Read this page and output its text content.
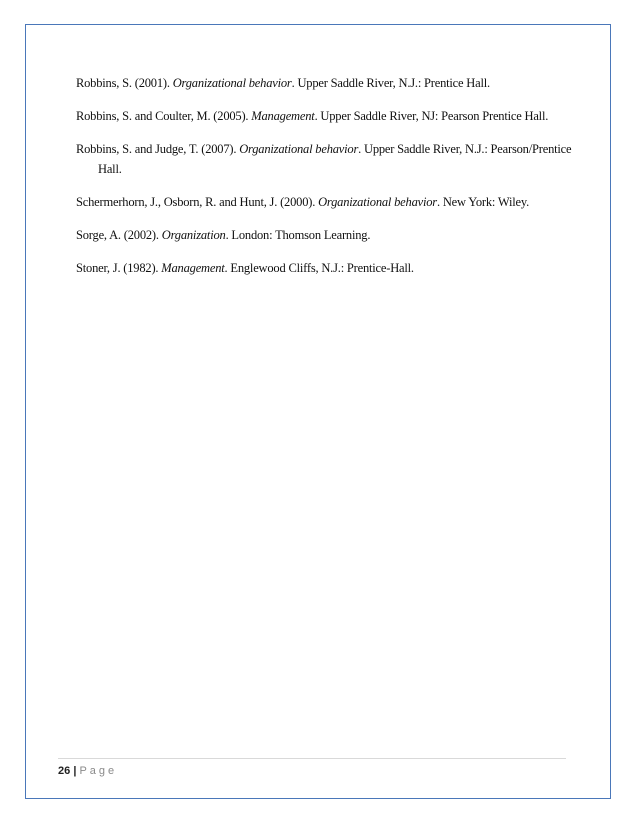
Robbins, S. (2001). Organizational behavior. Upper Saddle River, N.J.: Prentice Hall.

Robbins, S. and Coulter, M. (2005). Management. Upper Saddle River, NJ: Pearson Prentice Hall.

Robbins, S. and Judge, T. (2007). Organizational behavior. Upper Saddle River, N.J.: Pearson/Prentice Hall.

Schermerhorn, J., Osborn, R. and Hunt, J. (2000). Organizational behavior. New York: Wiley.

Sorge, A. (2002). Organization. London: Thomson Learning.

Stoner, J. (1982). Management. Englewood Cliffs, N.J.: Prentice-Hall.

26 | Page
